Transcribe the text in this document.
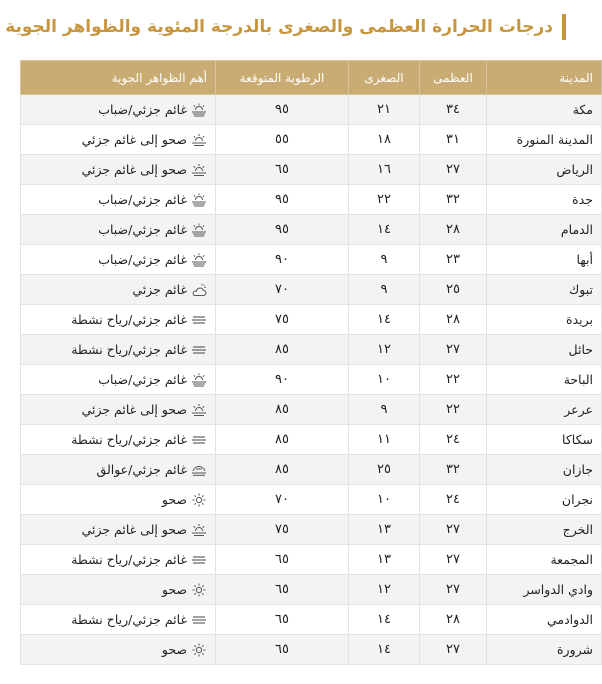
درجات الحرارة العظمى والصغرى بالدرجة المئوية والظواهر الجوية
المدينة	العظمى	الصغرى	الرطوبة المتوقعة	أهم الظواهر الجوية
مكة	٣٤	٢١	٩٥	غائم جزئي/ضباب

المدينة المنورة	٣١	١٨	٥٥	صحو إلى غائم جزئي

الرياض	٢٧	١٦	٦٥	صحو إلى غائم جزئي

جدة	٣٢	٢٢	٩٥	غائم جزئي/ضباب

الدمام	٢٨	١٤	٩٥	غائم جزئي/ضباب

أبها	٢٣	٩	٩٠	غائم جزئي/ضباب

تبوك	٢٥	٩	٧٠	غائم جزئي

بريدة	٢٨	١٤	٧٥	غائم جزئي/رياح نشطة

حائل	٢٧	١٢	٨٥	غائم جزئي/رياح نشطة

الباحة	٢٢	١٠	٩٠	غائم جزئي/ضباب

عرعر	٢٢	٩	٨٥	صحو إلى غائم جزئي

سكاكا	٢٤	١١	٨٥	غائم جزئي/رياح نشطة

جازان	٣٢	٢٥	٨٥	غائم جزئي/عوالق

نجران	٢٤	١٠	٧٠	صحو

الخرج	٢٧	١٣	٧٥	صحو إلى غائم جزئي

المجمعة	٢٧	١٣	٦٥	غائم جزئي/رياح نشطة

وادي الدواسر	٢٧	١٢	٦٥	صحو

الدوادمي	٢٨	١٤	٦٥	غائم جزئي/رياح نشطة

شرورة	٢٧	١٤	٦٥	صحو
